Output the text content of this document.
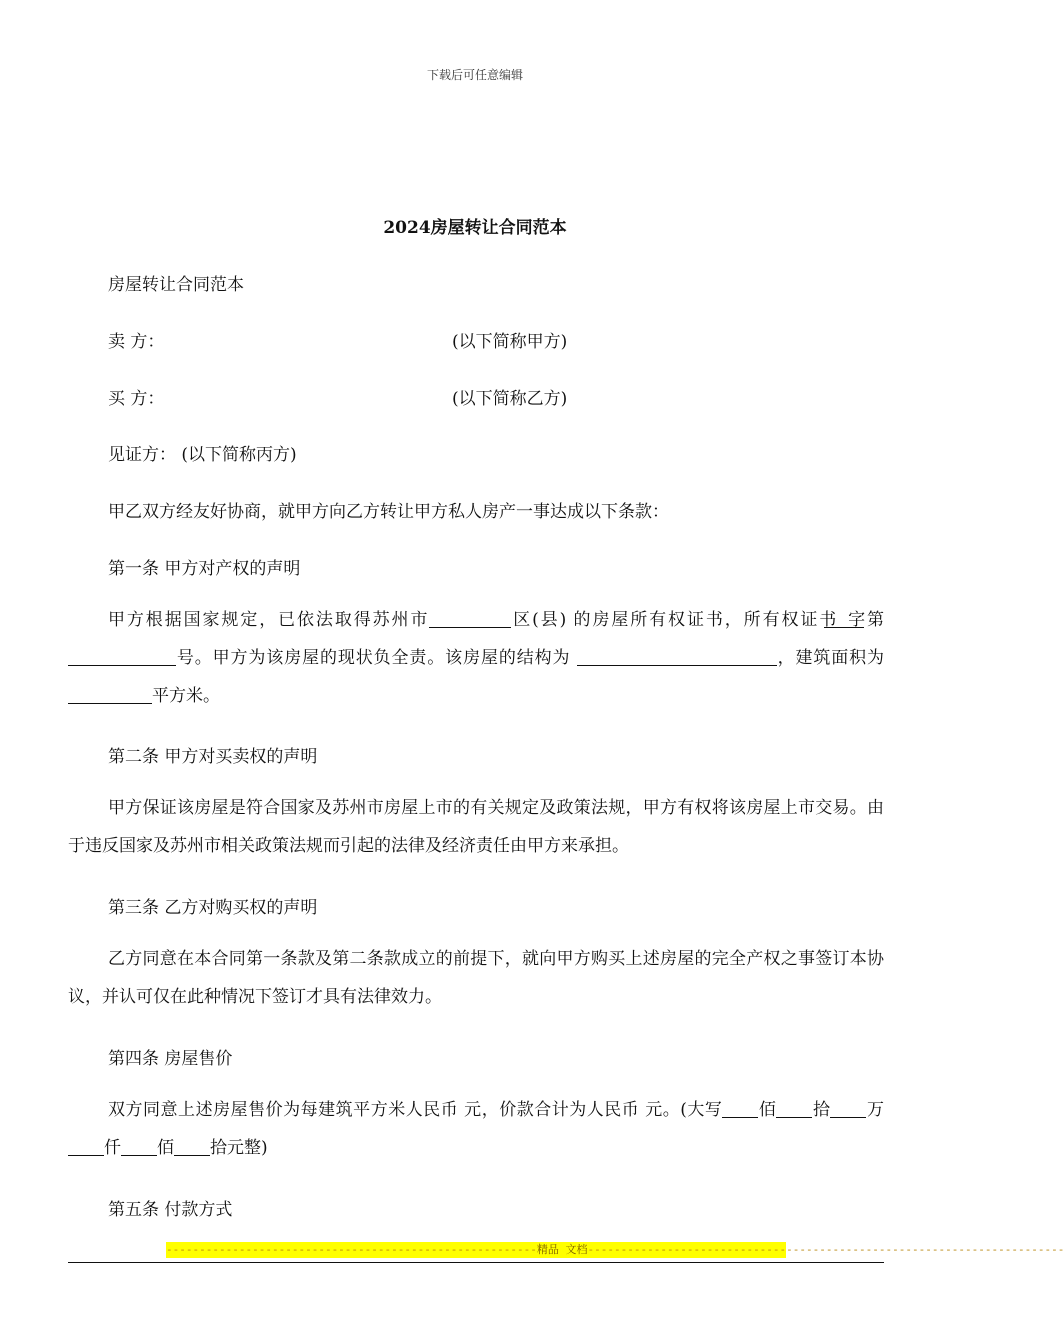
下载后可任意编辑
2024房屋转让合同范本
房屋转让合同范本
卖 方：	(以下简称甲方)
买 方：	(以下简称乙方)
见证方： (以下简称丙方)
甲乙双方经友好协商，就甲方向乙方转让甲方私人房产一事达成以下条款：
第一条 甲方对产权的声明
甲方根据国家规定，已依法取得苏州市	区(县) 的房屋所有权证书，所有权证书 字第号。甲方为该房屋的现状负全责。该房屋的结构为	，建筑面积为平方米。
第二条 甲方对买卖权的声明
甲方保证该房屋是符合国家及苏州市房屋上市的有关规定及政策法规，甲方有权将该房屋上市交易。由于违反国家及苏州市相关政策法规而引起的法律及经济责任由甲方来承担。
第三条 乙方对购买权的声明
乙方同意在本合同第一条款及第二条款成立的前提下，就向甲方购买上述房屋的完全产权之事签订本协议，并认可仅在此种情况下签订才具有法律效力。
第四条 房屋售价
双方同意上述房屋售价为每建筑平方米人民币 元，价款合计为人民币 元。(大写 佰 拾 万仟 佰 拾元整)
第五条 付款方式
--------------------------------------------------------精品 文档------------------------------------------------------------------------
